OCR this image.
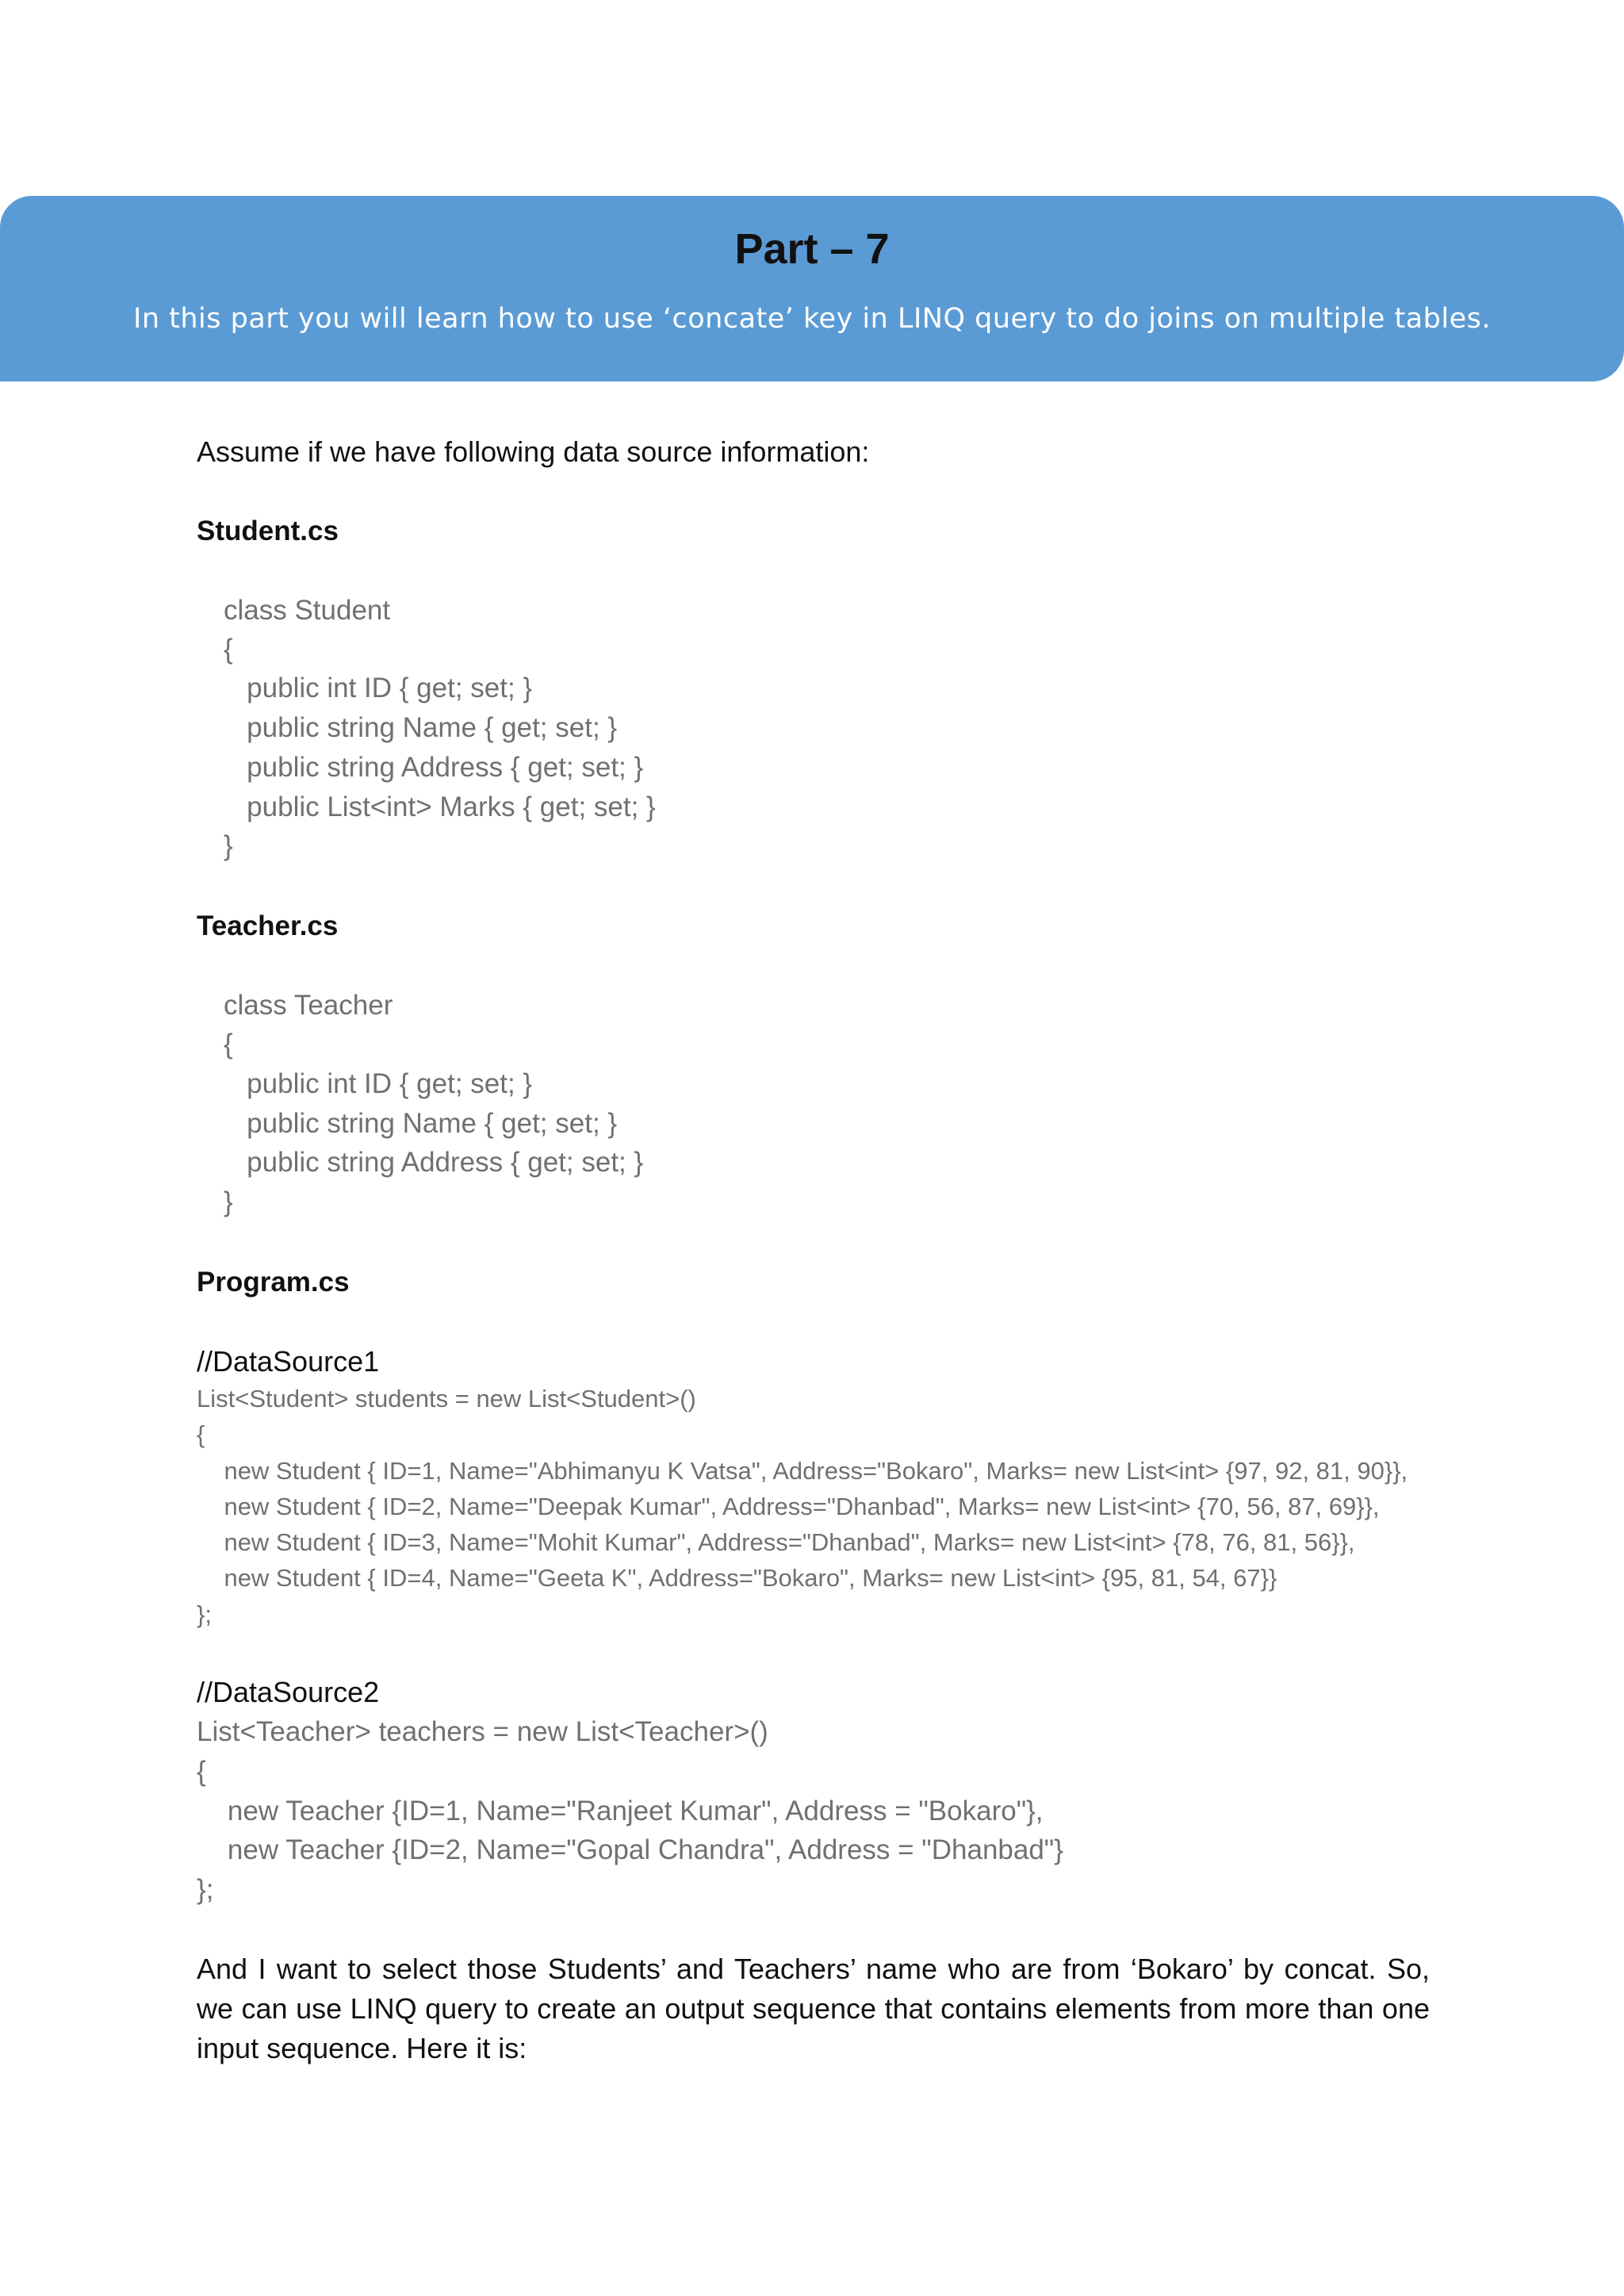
Part – 7
In this part you will learn how to use ‘concate’ key in LINQ query to do joins on multiple tables.
Assume if we have following data source information:
Student.cs
class Student
{
public int ID { get; set; }
public string Name { get; set; }
public string Address { get; set; }
public List<int> Marks { get; set; }
}
Teacher.cs
class Teacher
{
public int ID { get; set; }
public string Name { get; set; }
public string Address { get; set; }
}
Program.cs
//DataSource1
List<Student> students = new List<Student>()
{
new Student { ID=1, Name="Abhimanyu K Vatsa", Address="Bokaro", Marks= new List<int> {97, 92, 81, 90}},
new Student { ID=2, Name="Deepak Kumar", Address="Dhanbad", Marks= new List<int> {70, 56, 87, 69}},
new Student { ID=3, Name="Mohit Kumar", Address="Dhanbad", Marks= new List<int> {78, 76, 81, 56}},
new Student { ID=4, Name="Geeta K", Address="Bokaro", Marks= new List<int> {95, 81, 54, 67}}
};
//DataSource2
List<Teacher> teachers = new List<Teacher>()
{
new Teacher {ID=1, Name="Ranjeet Kumar", Address = "Bokaro"},
new Teacher {ID=2, Name="Gopal Chandra", Address = "Dhanbad"}
};
And I want to select those Students’ and Teachers’ name who are from ‘Bokaro’ by concat. So, we can use LINQ query to create an output sequence that contains elements from more than one input sequence. Here it is:
